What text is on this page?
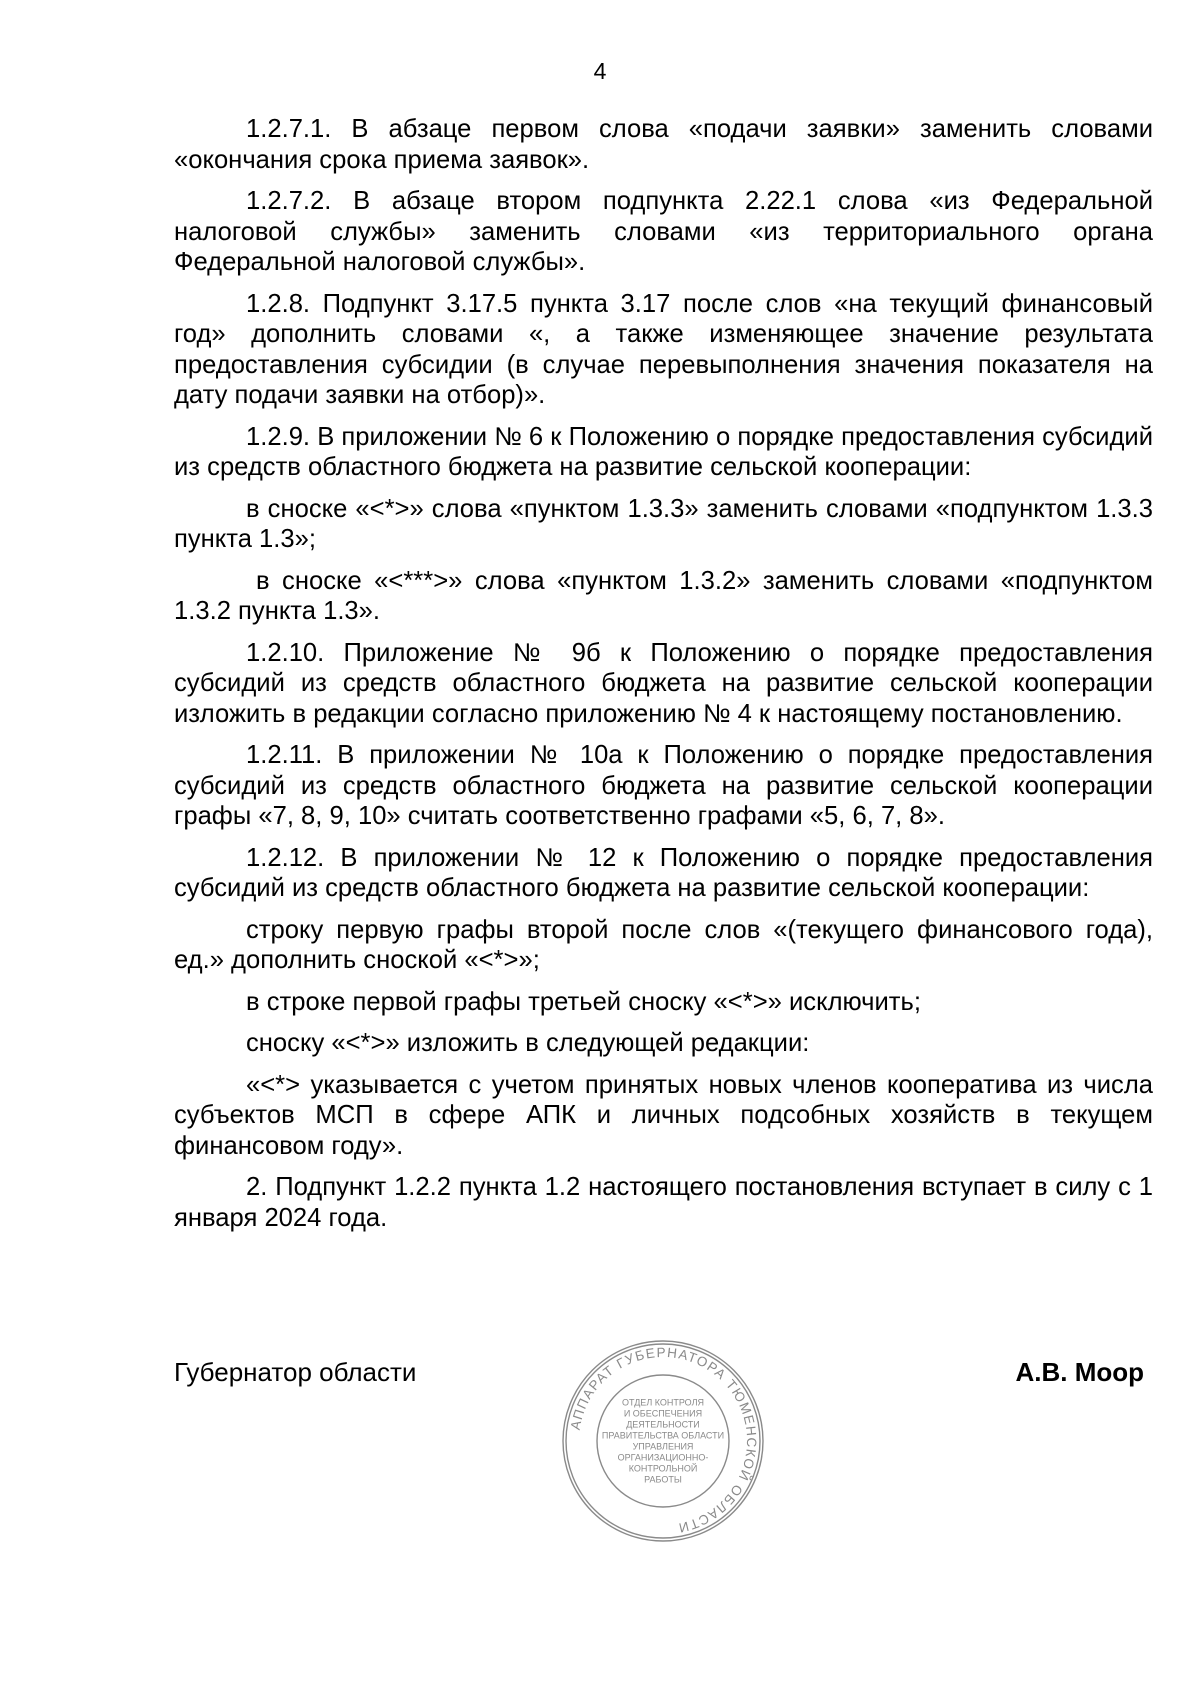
4

1.2.7.1. В абзаце первом слова «подачи заявки» заменить словами «окончания срока приема заявок».

1.2.7.2. В абзаце втором подпункта 2.22.1 слова «из Федеральной налоговой службы» заменить словами «из территориального органа Федеральной налоговой службы».

1.2.8. Подпункт 3.17.5 пункта 3.17 после слов «на текущий финансовый год» дополнить словами «, а также изменяющее значение результата предоставления субсидии (в случае перевыполнения значения показателя на дату подачи заявки на отбор)».

1.2.9. В приложении № 6 к Положению о порядке предоставления субсидий из средств областного бюджета на развитие сельской кооперации:

в сноске «<*>» слова «пунктом 1.3.3» заменить словами «подпунктом 1.3.3 пункта 1.3»;

в сноске «<***>» слова «пунктом 1.3.2» заменить словами «подпунктом 1.3.2 пункта 1.3».

1.2.10. Приложение № 9б к Положению о порядке предоставления субсидий из средств областного бюджета на развитие сельской кооперации изложить в редакции согласно приложению № 4 к настоящему постановлению.

1.2.11. В приложении № 10а к Положению о порядке предоставления субсидий из средств областного бюджета на развитие сельской кооперации графы «7, 8, 9, 10» считать соответственно графами «5, 6, 7, 8».

1.2.12. В приложении № 12 к Положению о порядке предоставления субсидий из средств областного бюджета на развитие сельской кооперации:

строку первую графы второй после слов «(текущего финансового года), ед.» дополнить сноской «<*>»;

в строке первой графы третьей сноску «<*>» исключить;

сноску «<*>» изложить в следующей редакции:

«<*> указывается с учетом принятых новых членов кооператива из числа субъектов МСП в сфере АПК и личных подсобных хозяйств в текущем финансовом году».

2. Подпункт 1.2.2 пункта 1.2 настоящего постановления вступает в силу с 1 января 2024 года.

Губернатор области	А.В. Моор
АППАРАТ ГУБЕРНАТОРА ТЮМЕНСКОЙ ОБЛАСТИ
ОТДЕЛ КОНТРОЛЯ
И ОБЕСПЕЧЕНИЯ
ДЕЯТЕЛЬНОСТИ
ПРАВИТЕЛЬСТВА ОБЛАСТИ
УПРАВЛЕНИЯ
ОРГАНИЗАЦИОННО-
КОНТРОЛЬНОЙ
РАБОТЫ
